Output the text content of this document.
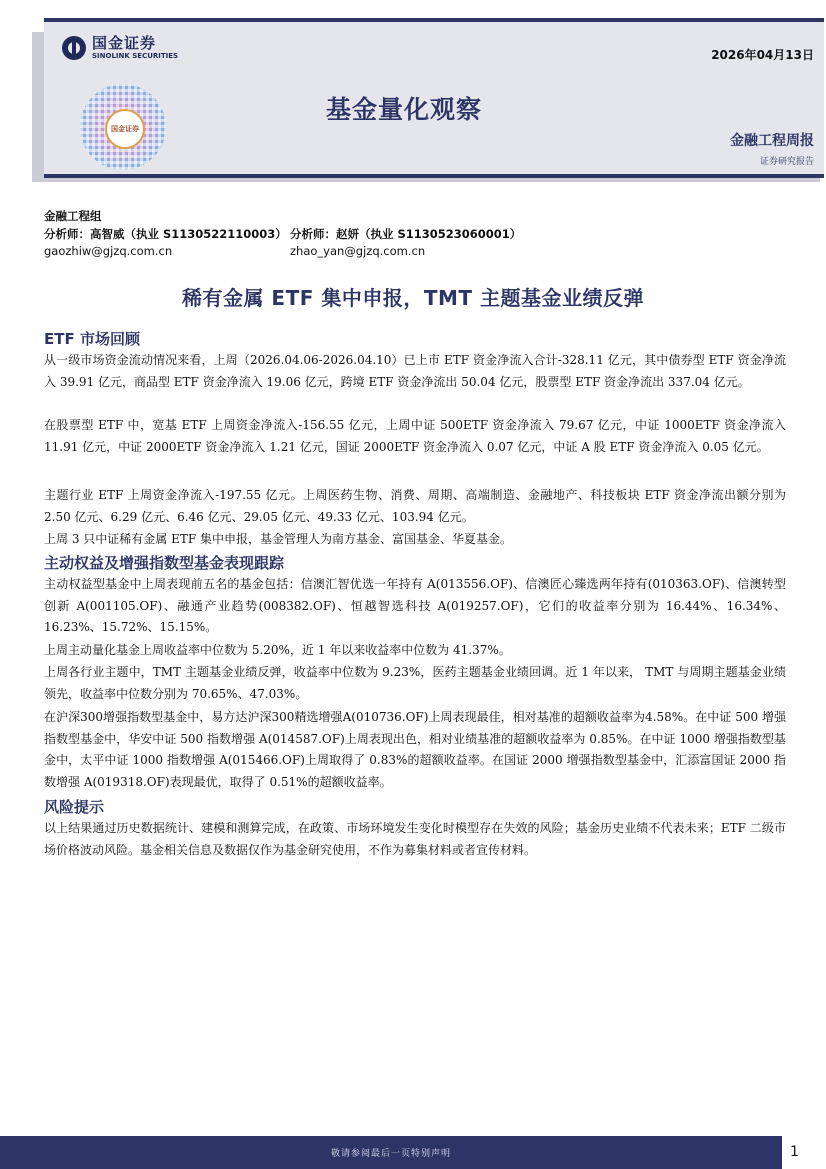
国金证券
SINOLINK SECURITIES
国金证券
2026年04月13日
基金量化观察
金融工程周报
证券研究报告
金融工程组
分析师：高智威（执业 S1130522110003） 分析师：赵妍（执业 S1130523060001）
gaozhiw@gjzq.com.cn	zhao_yan@gjzq.com.cn
稀有金属 ETF 集中申报，TMT 主题基金业绩反弹
ETF 市场回顾
从一级市场资金流动情况来看，上周（2026.04.06-2026.04.10）已上市 ETF 资金净流入合计-328.11 亿元，其中债券型 ETF 资金净流入 39.91 亿元，商品型 ETF 资金净流入 19.06 亿元，跨境 ETF 资金净流出 50.04 亿元，股票型 ETF 资金净流出 337.04 亿元。
在股票型 ETF 中，宽基 ETF 上周资金净流入-156.55 亿元，上周中证 500ETF 资金净流入 79.67 亿元，中证 1000ETF 资金净流入 11.91 亿元，中证 2000ETF 资金净流入 1.21 亿元，国证 2000ETF 资金净流入 0.07 亿元，中证 A 股 ETF 资金净流入 0.05 亿元。
主题行业 ETF 上周资金净流入-197.55 亿元。上周医药生物、消费、周期、高端制造、金融地产、科技板块 ETF 资金净流出额分别为 2.50 亿元、6.29 亿元、6.46 亿元、29.05 亿元、49.33 亿元、103.94 亿元。
上周 3 只中证稀有金属 ETF 集中申报，基金管理人为南方基金、富国基金、华夏基金。
主动权益及增强指数型基金表现跟踪
主动权益型基金中上周表现前五名的基金包括：信澳汇智优选一年持有 A(013556.OF)、信澳匠心臻选两年持有(010363.OF)、信澳转型创新 A(001105.OF)、融通产业趋势(008382.OF)、恒越智选科技 A(019257.OF)，它们的收益率分别为 16.44%、16.34%、16.23%、15.72%、15.15%。
上周主动量化基金上周收益率中位数为 5.20%，近 1 年以来收益率中位数为 41.37%。
上周各行业主题中，TMT 主题基金业绩反弹，收益率中位数为 9.23%，医药主题基金业绩回调。近 1 年以来， TMT 与周期主题基金业绩领先，收益率中位数分别为 70.65%、47.03%。
在沪深300增强指数型基金中，易方达沪深300精选增强A(010736.OF)上周表现最佳，相对基准的超额收益率为4.58%。在中证 500 增强指数型基金中，华安中证 500 指数增强 A(014587.OF)上周表现出色，相对业绩基准的超额收益率为 0.85%。在中证 1000 增强指数型基金中，太平中证 1000 指数增强 A(015466.OF)上周取得了 0.83%的超额收益率。在国证 2000 增强指数型基金中，汇添富国证 2000 指数增强 A(019318.OF)表现最优，取得了 0.51%的超额收益率。
风险提示
以上结果通过历史数据统计、建模和测算完成，在政策、市场环境发生变化时模型存在失效的风险；基金历史业绩不代表未来；ETF 二级市场价格波动风险。基金相关信息及数据仅作为基金研究使用，不作为募集材料或者宣传材料。
敬请参阅最后一页特别声明	1
